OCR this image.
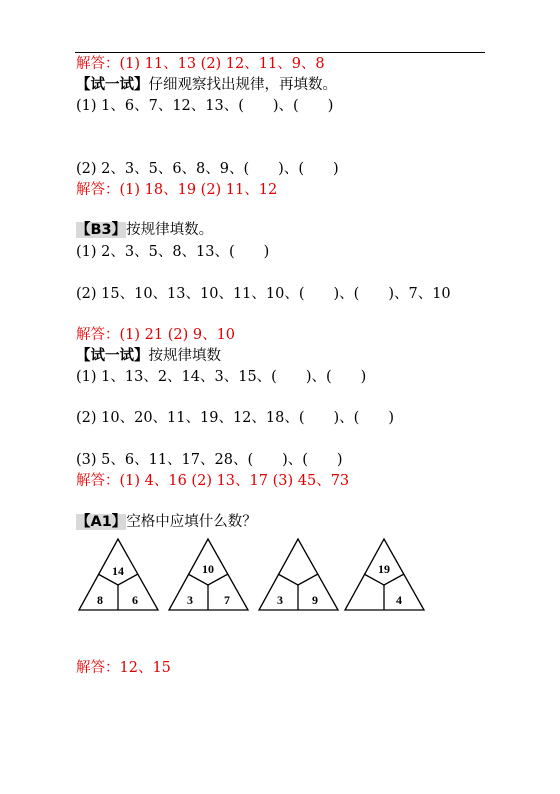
解答：(1) 11、13 (2) 12、11、9、8
【试一试】仔细观察找出规律，再填数。
(1) 1、6、7、12、13、(　　)、(　　)
(2) 2、3、5、6、8、9、(　　)、(　　)
解答：(1) 18、19 (2) 11、12
【B3】按规律填数。
(1) 2、3、5、8、13、(　　)
(2) 15、10、13、10、11、10、(　　)、(　　)、7、10
解答：(1) 21 (2) 9、10
【试一试】按规律填数
(1) 1、13、2、14、3、15、(　　)、(　　)
(2) 10、20、11、19、12、18、(　　)、(　　)
(3) 5、6、11、17、28、(　　)、(　　)
解答：(1) 4、16 (2) 13、17 (3) 45、73
【A1】空格中应填什么数？
14
8 6
10
3	7	3 9
19
4
解答：12、15
